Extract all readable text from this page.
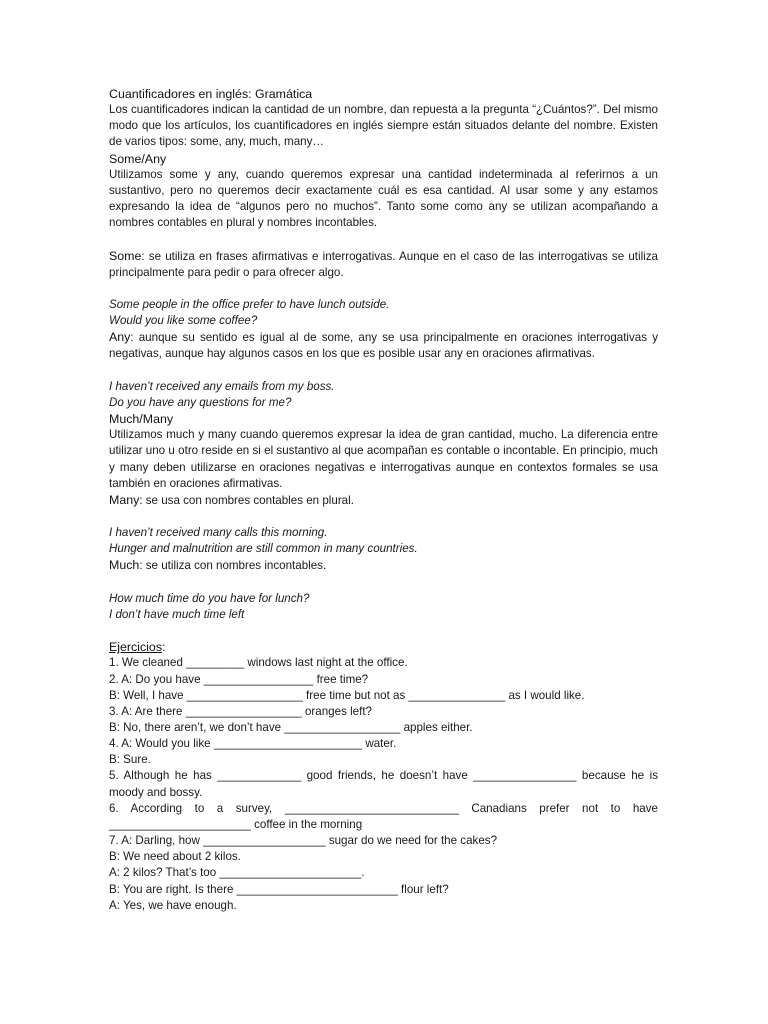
Cuantificadores en inglés: Gramática

Los cuantificadores indican la cantidad de un nombre, dan repuesta a la pregunta “¿Cuántos?”. Del mismo modo que los artículos, los cuantificadores en inglés siempre están situados delante del nombre. Existen de varios tipos: some, any, much, many…

Some/Any

Utilizamos some y any, cuando queremos expresar una cantidad indeterminada al referirnos a un sustantivo, pero no queremos decir exactamente cuál es esa cantidad. Al usar some y any estamos expresando la idea de “algunos pero no muchos”. Tanto some como any se utilizan acompañando a nombres contables en plural y nombres incontables.

Some: se utiliza en frases afirmativas e interrogativas. Aunque en el caso de las interrogativas se utiliza principalmente para pedir o para ofrecer algo.

Some people in the office prefer to have lunch outside.

Would you like some coffee?

Any: aunque su sentido es igual al de some, any se usa principalmente en oraciones interrogativas y negativas, aunque hay algunos casos en los que es posible usar any en oraciones afirmativas.

I haven’t received any emails from my boss.

Do you have any questions for me?

Much/Many

Utilizamos much y many cuando queremos expresar la idea de gran cantidad, mucho. La diferencia entre utilizar uno u otro reside en si el sustantivo al que acompañan es contable o incontable. En principio, much y many deben utilizarse en oraciones negativas e interrogativas aunque en contextos formales se usa también en oraciones afirmativas.

Many: se usa con nombres contables en plural.

I haven’t received many calls this morning.

Hunger and malnutrition are still common in many countries.

Much: se utiliza con nombres incontables.

How much time do you have for lunch?

I don’t have much time left

Ejercicios:

1. We cleaned _________ windows last night at the office.

2. A: Do you have _________________ free time?

B: Well, I have __________________ free time but not as _______________ as I would like.

3. A: Are there __________________ oranges left?

B: No, there aren’t, we don’t have __________________ apples either.

4. A: Would you like _______________________ water.

B: Sure.

5. Although he has _____________ good friends, he doesn’t have ________________ because he is moody and bossy.

6. According to a survey, ___________________________ Canadians prefer not to have ______________________ coffee in the morning

7. A: Darling, how ___________________ sugar do we need for the cakes?

B: We need about 2 kilos.

A: 2 kilos? That’s too ______________________.

B: You are right. Is there _________________________ flour left?

A: Yes, we have enough.
